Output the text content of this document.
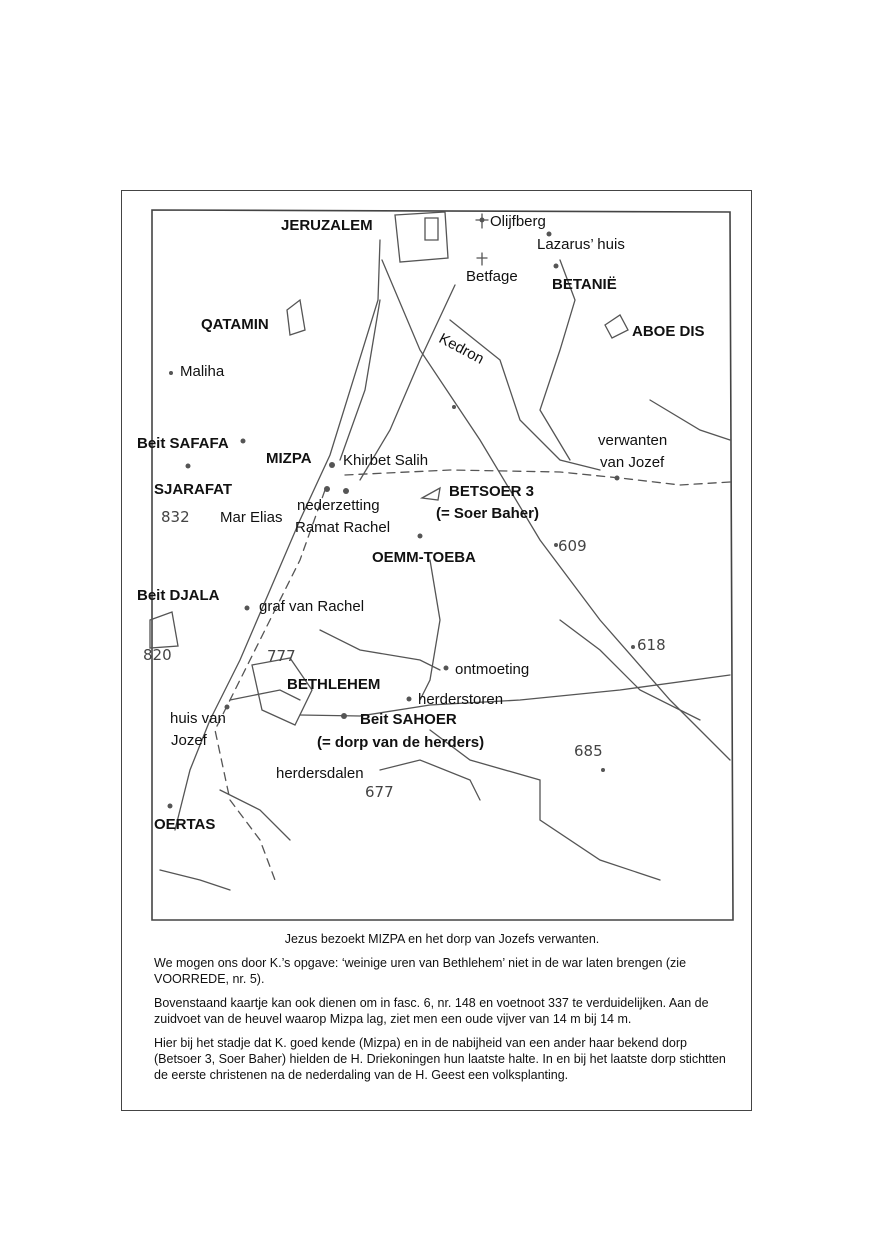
JERUZALEM
BETANIË
QATAMIN	ABOE DIS
Beit SAFAFA
MIZPA
SJARAFAT	BETSOER 3
(= Soer Baher)
OEMM-TOEBA
Beit DJALA
BETHLEHEM
Beit SAHOER
(= dorp van de herders)
OERTAS
Olijfberg
Lazarus’ huis
Betfage
Kedron
Maliha
Khirbet Salih
verwanten
van Jozef
nederzetting
Ramat Rachel
Mar Elias
graf van Rachel
ontmoeting
herderstoren
huis van
Jozef
herdersdalen
832
609
820	777
618
685
677

Jezus bezoekt MIZPA en het dorp van Jozefs verwanten.

We mogen ons door K.’s opgave: ‘weinige uren van Bethlehem’ niet in de war laten brengen (zie VOORREDE, nr. 5).

Bovenstaand kaartje kan ook dienen om in fasc. 6, nr. 148 en voetnoot 337 te verduidelijken. Aan de zuidvoet van de heuvel waarop Mizpa lag, ziet men een oude vijver van 14 m bij 14 m.

Hier bij het stadje dat K. goed kende (Mizpa) en in de nabijheid van een ander haar bekend dorp (Betsoer 3, Soer Baher) hielden de H. Driekoningen hun laatste halte. In en bij het laatste dorp stichtten de eerste christenen na de nederdaling van de H. Geest een volksplanting.
